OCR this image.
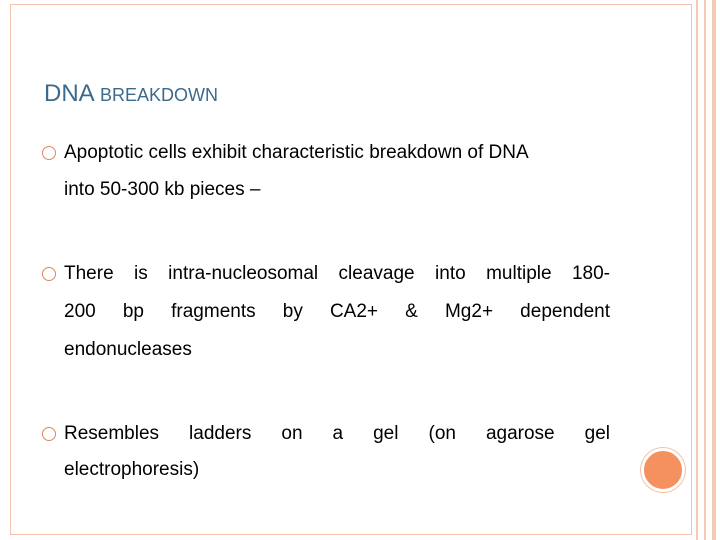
DNA BREAKDOWN
Apoptotic cells exhibit characteristic breakdown of DNA
into 50-300 kb pieces –
There is intra-nucleosomal cleavage into multiple 180-
200 bp fragments by CA2+ & Mg2+ dependent
endonucleases
Resembles ladders on a gel (on agarose gel
electrophoresis)
